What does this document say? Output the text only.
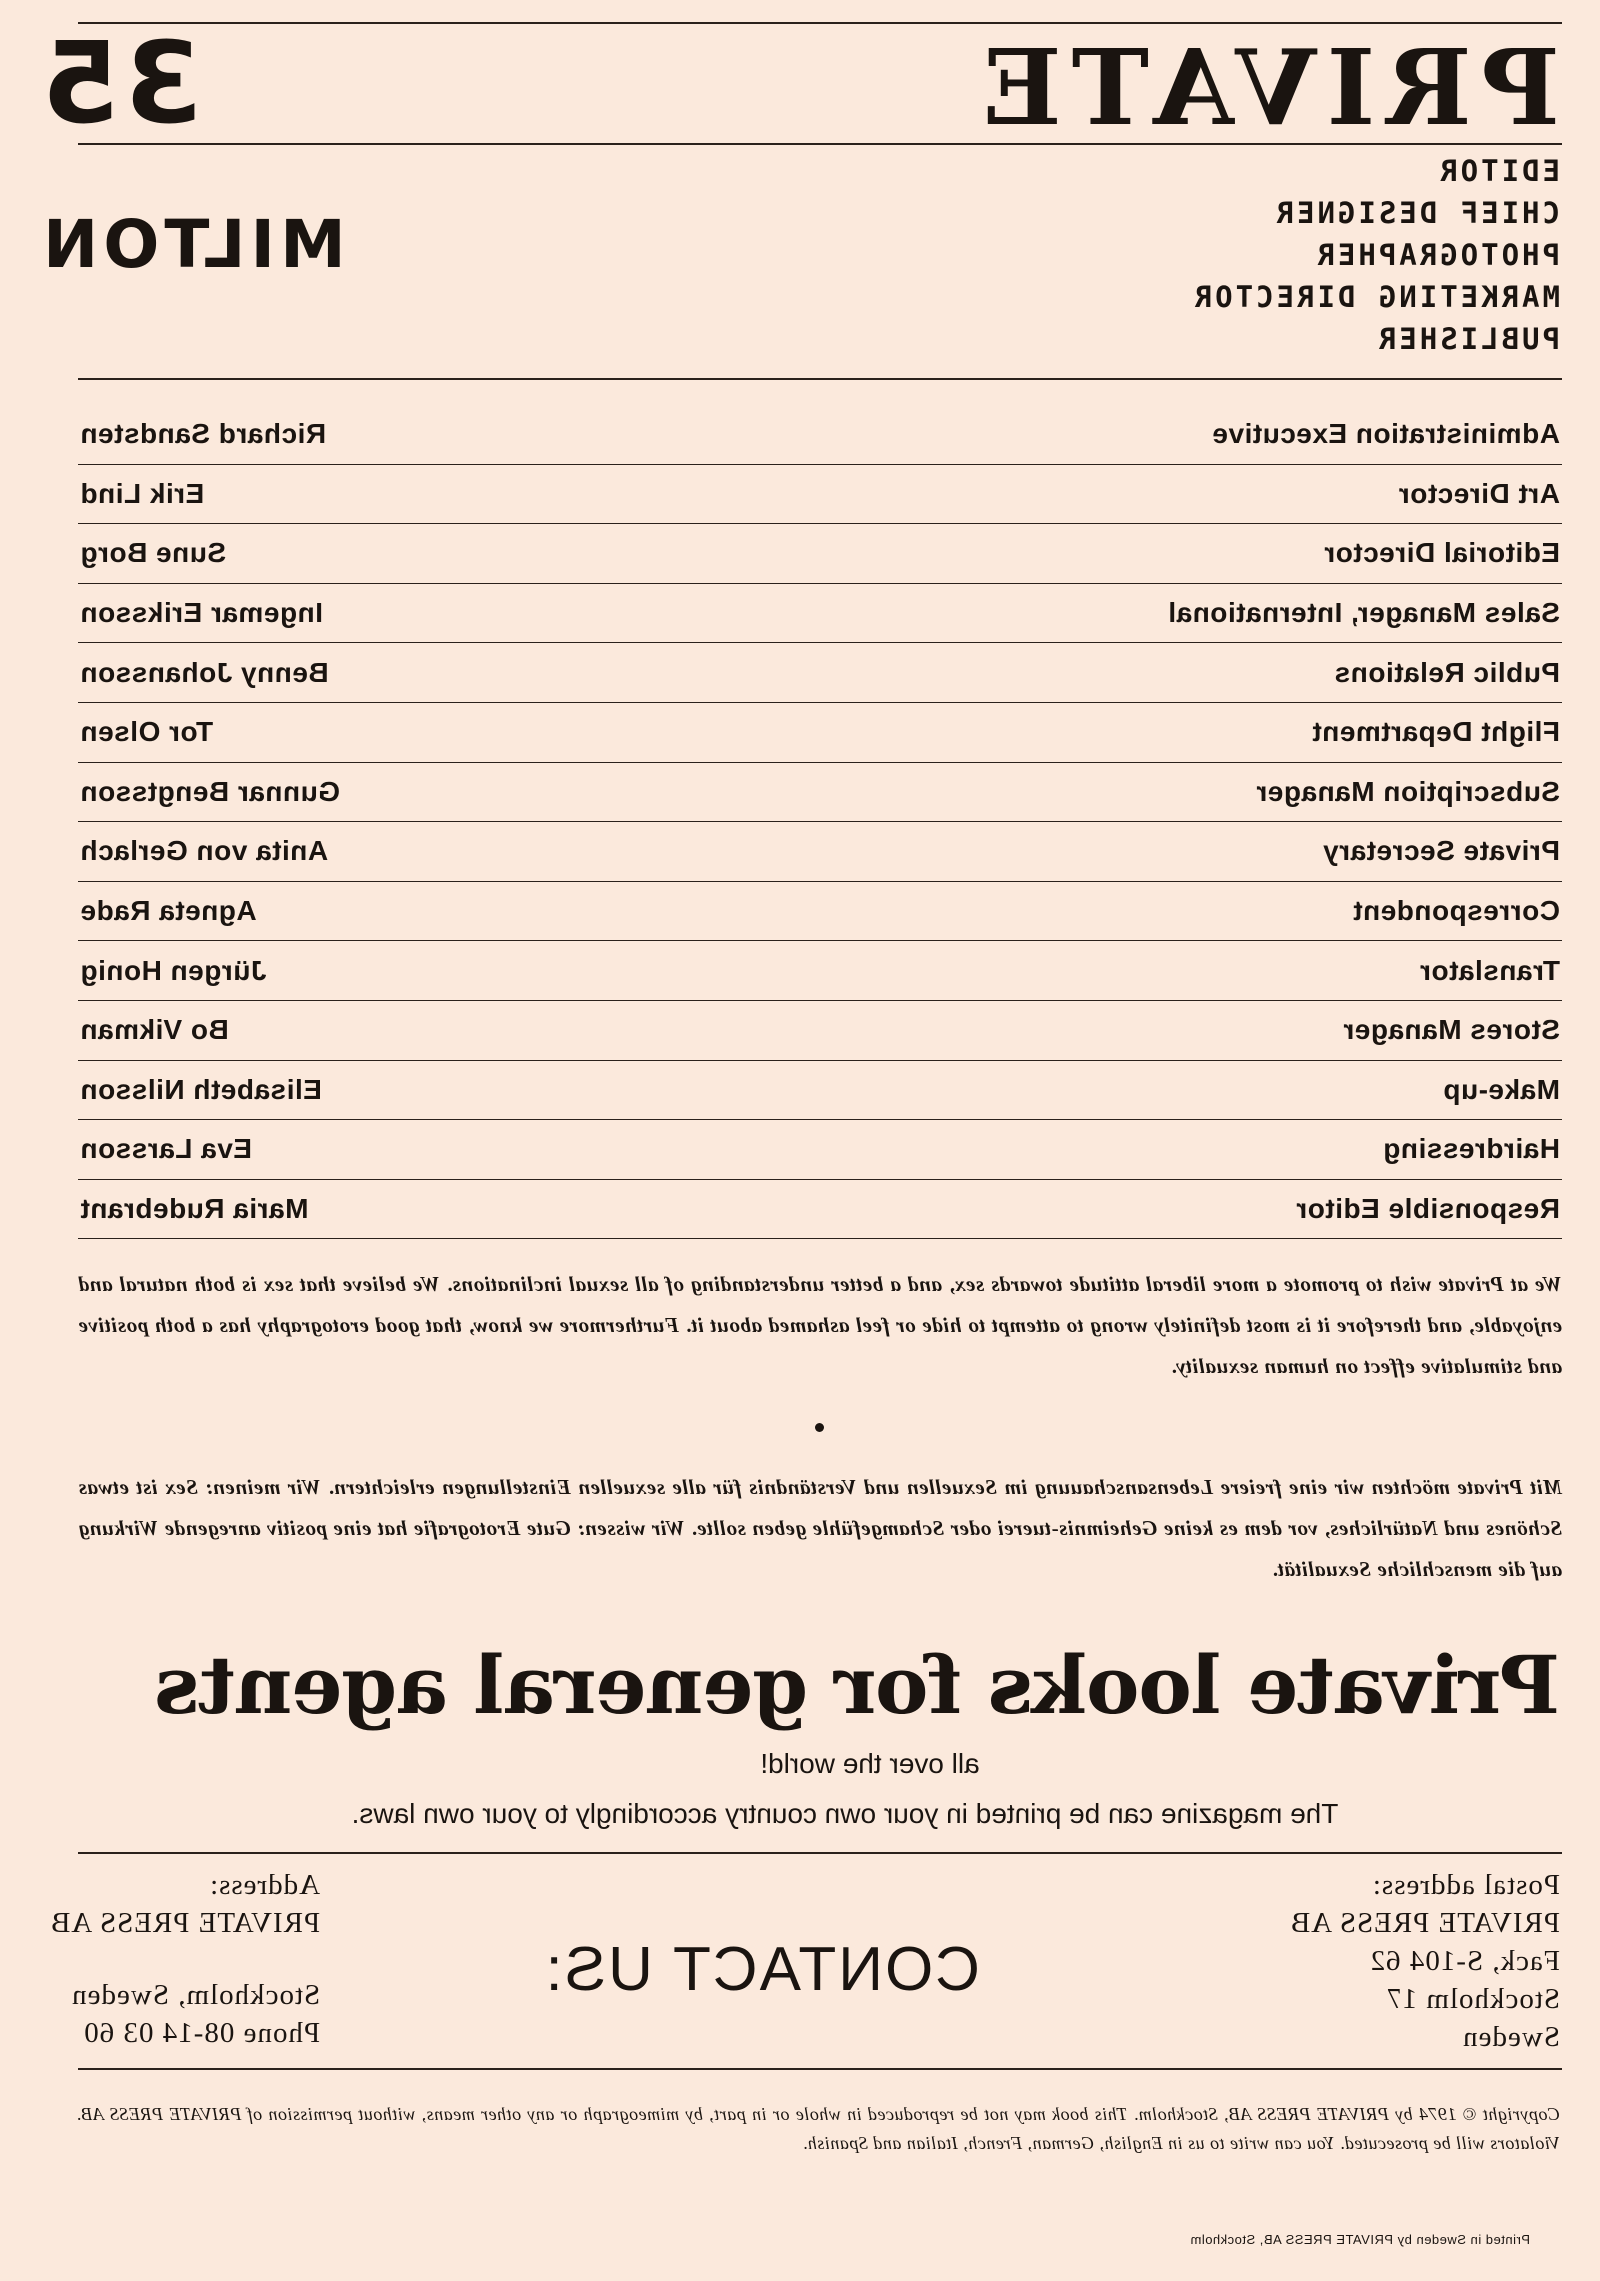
PRIVATE
35
EDITOR
CHIEF DESIGNER
PHOTOGRAPHER
MARKETING DIRECTOR
PUBLISHER
MILTON
Administration Executive
Richard Sandsten
Art Director
Erik Lind
Editorial Director
Sune Borg
Sales Manager, International
Ingemar Eriksson
Public Relations
Benny Johansson
Flight Department
Tor Olsen
Subscription Manager
Gunnar Bengtsson
Private Secretary
Anita von Gerlach
Correspondent
Agneta Rade
Translator
Jürgen Honig
Stores Manager
Bo Vikman
Make-up
Elisabeth Nilsson
Hairdressing
Eva Larsson
Responsible Editor
Maria Rudebrant

We at Private wish to promote a more liberal attitude towards sex, and a better understanding of all sexual inclinations. We believe that sex is both natural and enjoyable, and therefore it is most definitely wrong to attempt to hide or feel ashamed about it. Furthermore we know, that good erotography has a both positive and stimulative effect on human sexuality.

Mit Private möchten wir eine freiere Lebensanschauung im Sexuellen und Verständnis für alle sexuellen Einstellungen erleichtern. Wir meinen: Sex ist etwas Schönes und Natürliches, vor dem es keine Geheimnis-tuerei oder Schamgefühle geben sollte. Wir wissen: Gute Erotografie hat eine positiv anregende Wirkung auf die menschliche Sexualität.

Private looks for general agents
all over the world!
The magazine can be printed in your own country accordingly to your own laws.
Postal address:
PRIVATE PRESS AB
Fack, S-104 62
Stockholm 17
Sweden
CONTACT US:
Address:
PRIVATE PRESS AB
Stockholm, Sweden
Phone 08-14 03 60

Copyright © 1974 by PRIVATE PRESS AB, Stockholm. This book may not be reproduced in whole or in part, by mimeograph or any other means, without permission of PRIVATE PRESS AB. Violators will be prosecuted. You can write to us in English, German, French, Italian and Spanish.

Printed in Sweden by PRIVATE PRESS AB, Stockholm
